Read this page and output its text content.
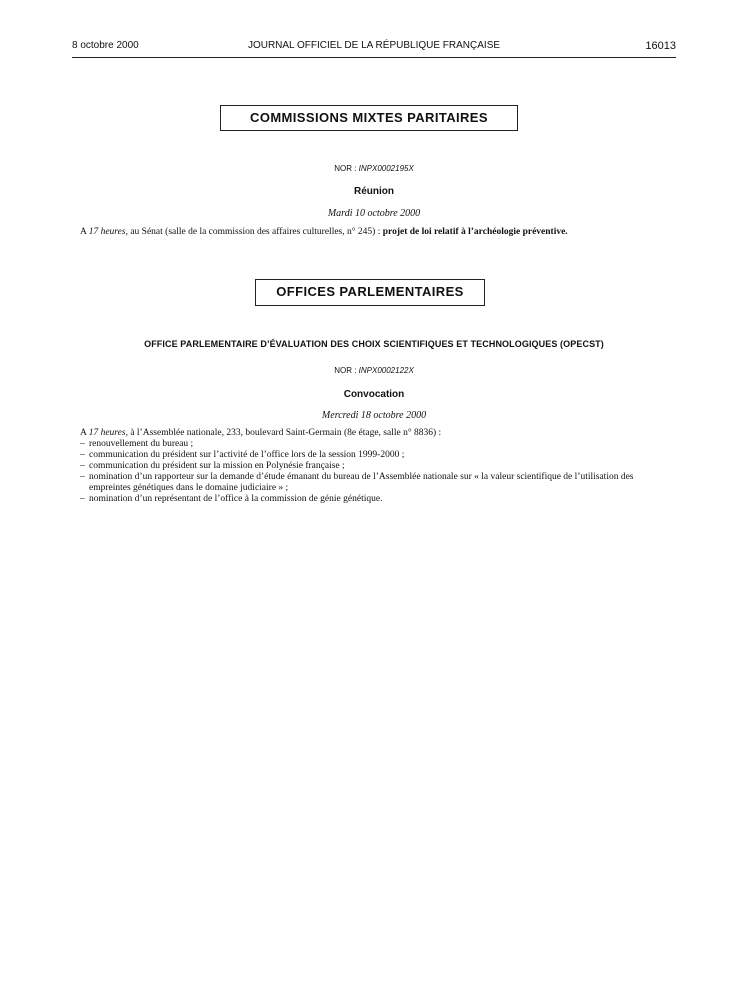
8 octobre 2000	JOURNAL OFFICIEL DE LA RÉPUBLIQUE FRANÇAISE	16013
COMMISSIONS MIXTES PARITAIRES
NOR : INPX0002195X
Réunion
Mardi 10 octobre 2000
A 17 heures, au Sénat (salle de la commission des affaires culturelles, n° 245) : projet de loi relatif à l’archéologie préventive.
OFFICES PARLEMENTAIRES
OFFICE PARLEMENTAIRE D’ÉVALUATION DES CHOIX SCIENTIFIQUES ET TECHNOLOGIQUES (OPECST)
NOR : INPX0002122X
Convocation
Mercredi 18 octobre 2000
A 17 heures, à l’Assemblée nationale, 233, boulevard Saint-Germain (8e étage, salle n° 8836) :
– renouvellement du bureau ;
– communication du président sur l’activité de l’office lors de la session 1999-2000 ;
– communication du président sur la mission en Polynésie française ;
– nomination d’un rapporteur sur la demande d’étude émanant du bureau de l’Assemblée nationale sur « la valeur scientifique de l’utilisation des empreintes génétiques dans le domaine judiciaire » ;
– nomination d’un représentant de l’office à la commission de génie génétique.
